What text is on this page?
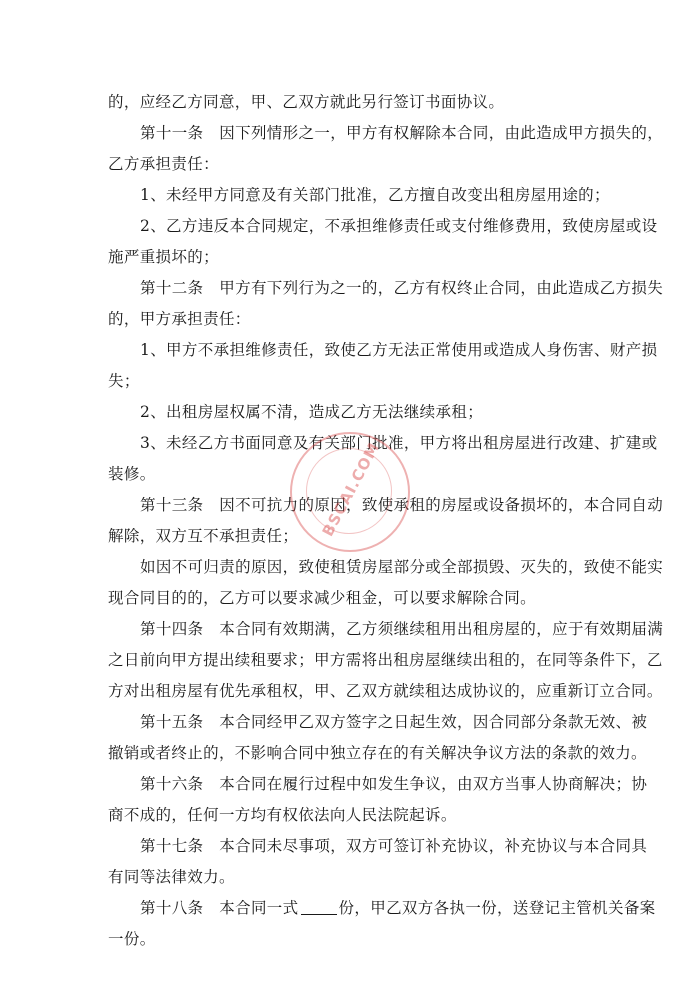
的，应经乙方同意，甲、乙双方就此另行签订书面协议。
第十一条　因下列情形之一，甲方有权解除本合同，由此造成甲方损失的，
乙方承担责任：
1、未经甲方同意及有关部门批准，乙方擅自改变出租房屋用途的；
2、乙方违反本合同规定，不承担维修责任或支付维修费用，致使房屋或设
施严重损坏的；
第十二条　甲方有下列行为之一的，乙方有权终止合同，由此造成乙方损失
的，甲方承担责任：
1、甲方不承担维修责任，致使乙方无法正常使用或造成人身伤害、财产损
失；
2、出租房屋权属不清，造成乙方无法继续承租；
3、未经乙方书面同意及有关部门批准，甲方将出租房屋进行改建、扩建或
装修。
第十三条　因不可抗力的原因，致使承租的房屋或设备损坏的，本合同自动
解除，双方互不承担责任；
如因不可归责的原因，致使租赁房屋部分或全部损毁、灭失的，致使不能实
现合同目的的，乙方可以要求减少租金，可以要求解除合同。
第十四条　本合同有效期满，乙方须继续租用出租房屋的，应于有效期届满
之日前向甲方提出续租要求；甲方需将出租房屋继续出租的，在同等条件下，乙
方对出租房屋有优先承租权，甲、乙双方就续租达成协议的，应重新订立合同。
第十五条　本合同经甲乙双方签字之日起生效，因合同部分条款无效、被
撤销或者终止的，不影响合同中独立存在的有关解决争议方法的条款的效力。
第十六条　本合同在履行过程中如发生争议，由双方当事人协商解决；协
商不成的，任何一方均有权依法向人民法院起诉。
第十七条　本合同未尽事项，双方可签订补充协议，补充协议与本合同具
有同等法律效力。
第十八条　本合同一式	份，甲乙双方各执一份，送登记主管机关备案
一份。
BSCAI.COM
